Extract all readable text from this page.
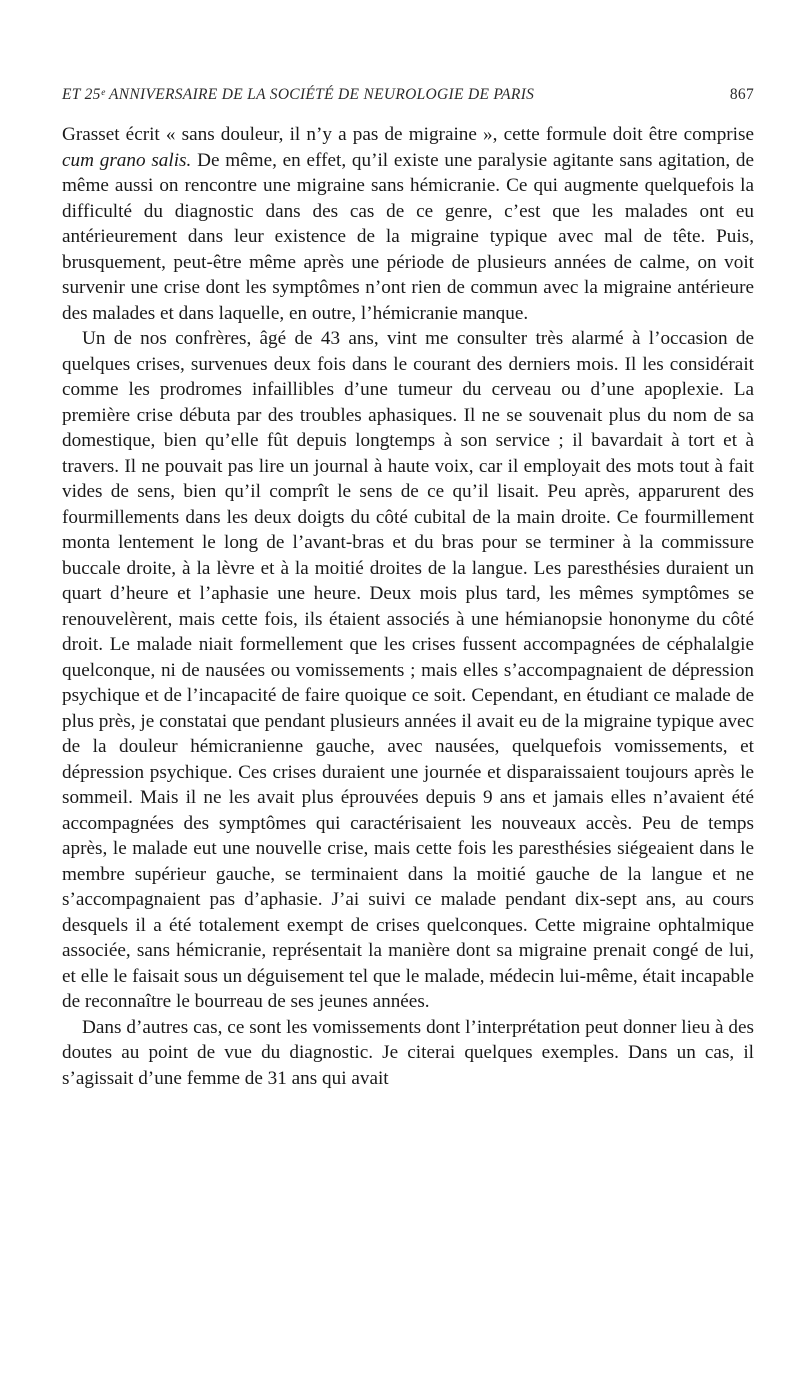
ET 25ᵉ ANNIVERSAIRE DE LA SOCIÉTÉ DE NEUROLOGIE DE PARIS	867

Grasset écrit « sans douleur, il n’y a pas de migraine », cette formule doit être comprise cum grano salis. De même, en effet, qu’il existe une paralysie agitante sans agitation, de même aussi on rencontre une migraine sans hémicranie. Ce qui augmente quelquefois la difficulté du diagnostic dans des cas de ce genre, c’est que les malades ont eu antérieurement dans leur existence de la migraine typique avec mal de tête. Puis, brusquement, peut-être même après une période de plusieurs années de calme, on voit survenir une crise dont les symptômes n’ont rien de commun avec la migraine antérieure des malades et dans laquelle, en outre, l’hémicranie manque.

Un de nos confrères, âgé de 43 ans, vint me consulter très alarmé à l’occasion de quelques crises, survenues deux fois dans le courant des derniers mois. Il les considérait comme les prodromes infaillibles d’une tumeur du cerveau ou d’une apoplexie. La première crise débuta par des troubles aphasiques. Il ne se souvenait plus du nom de sa domestique, bien qu’elle fût depuis longtemps à son service ; il bavardait à tort et à travers. Il ne pouvait pas lire un journal à haute voix, car il employait des mots tout à fait vides de sens, bien qu’il comprît le sens de ce qu’il lisait. Peu après, apparurent des fourmillements dans les deux doigts du côté cubital de la main droite. Ce fourmillement monta lentement le long de l’avant-bras et du bras pour se terminer à la commissure buccale droite, à la lèvre et à la moitié droites de la langue. Les paresthésies duraient un quart d’heure et l’aphasie une heure. Deux mois plus tard, les mêmes symptômes se renouvelèrent, mais cette fois, ils étaient associés à une hémianopsie hononyme du côté droit. Le malade niait formellement que les crises fussent accompagnées de céphalalgie quelconque, ni de nausées ou vomissements ; mais elles s’accompagnaient de dépression psychique et de l’incapacité de faire quoique ce soit. Cependant, en étudiant ce malade de plus près, je constatai que pendant plusieurs années il avait eu de la migraine typique avec de la douleur hémicranienne gauche, avec nausées, quelquefois vomissements, et dépression psychique. Ces crises duraient une journée et disparaissaient toujours après le sommeil. Mais il ne les avait plus éprouvées depuis 9 ans et jamais elles n’avaient été accompagnées des symptômes qui caractérisaient les nouveaux accès. Peu de temps après, le malade eut une nouvelle crise, mais cette fois les paresthésies siégeaient dans le membre supérieur gauche, se terminaient dans la moitié gauche de la langue et ne s’accompagnaient pas d’aphasie. J’ai suivi ce malade pendant dix-sept ans, au cours desquels il a été totalement exempt de crises quelconques. Cette migraine ophtalmique associée, sans hémicranie, représentait la manière dont sa migraine prenait congé de lui, et elle le faisait sous un déguisement tel que le malade, médecin lui-même, était incapable de reconnaître le bourreau de ses jeunes années.

Dans d’autres cas, ce sont les vomissements dont l’interprétation peut donner lieu à des doutes au point de vue du diagnostic. Je citerai quelques exemples. Dans un cas, il s’agissait d’une femme de 31 ans qui avait
